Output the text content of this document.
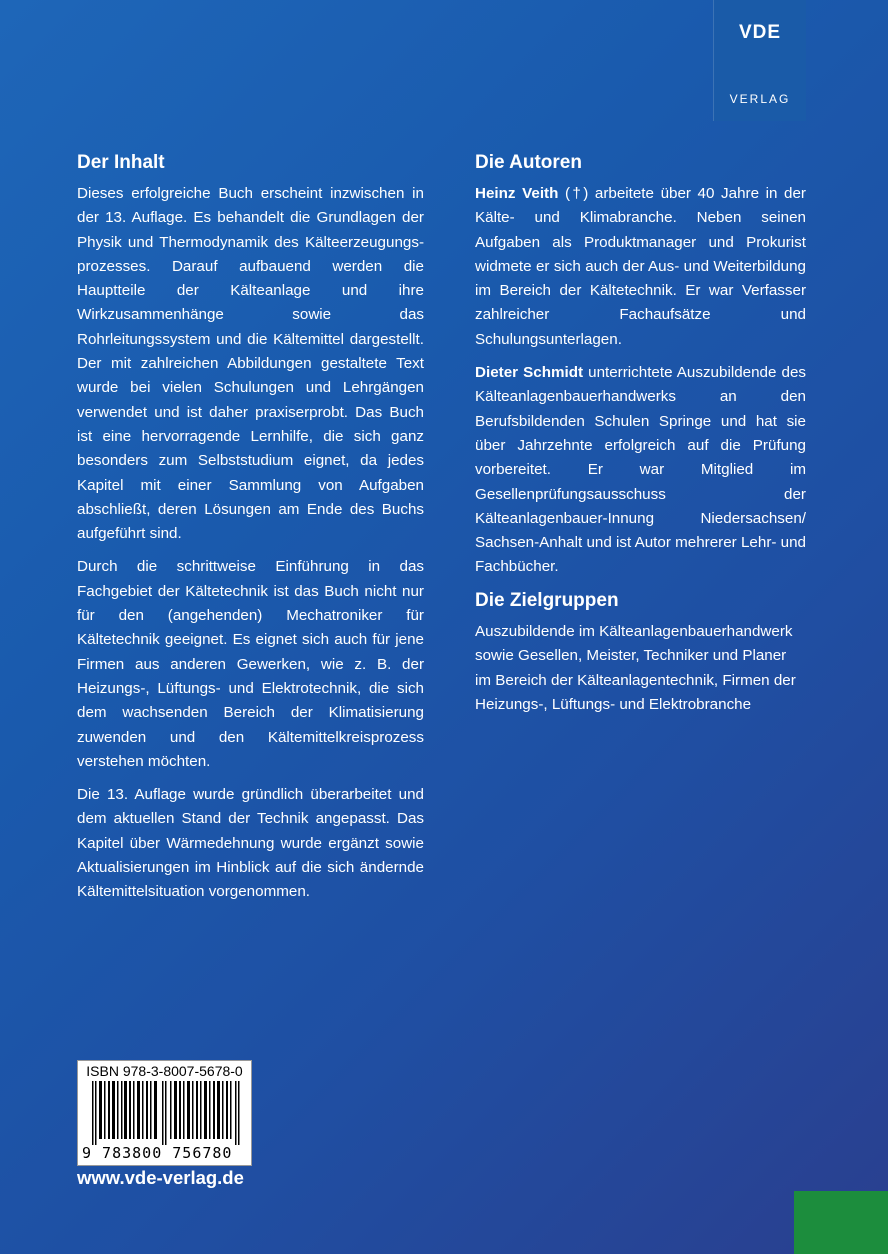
VDE
VERLAG
Der Inhalt

Dieses erfolgreiche Buch erscheint inzwischen in der 13. Auflage. Es behandelt die Grundlagen der Physik und Thermodynamik des Kälteerzeugungsprozesses. Darauf aufbauend werden die Hauptteile der Kälteanlage und ihre Wirkzusammenhänge sowie das Rohrleitungssystem und die Kältemittel dargestellt. Der mit zahlreichen Abbildungen gestaltete Text wurde bei vielen Schulungen und Lehrgängen verwendet und ist daher praxiserprobt. Das Buch ist eine hervorragende Lernhilfe, die sich ganz besonders zum Selbststudium eignet, da jedes Kapitel mit einer Sammlung von Aufgaben abschließt, deren Lösungen am Ende des Buchs aufgeführt sind.

Durch die schrittweise Einführung in das Fachgebiet der Kältetechnik ist das Buch nicht nur für den (angehenden) Mechatroniker für Kältetechnik geeignet. Es eignet sich auch für jene Firmen aus anderen Gewerken, wie z. B. der Heizungs-, Lüftungs- und Elektrotechnik, die sich dem wachsenden Bereich der Klimatisierung zuwenden und den Kältemittelkreisprozess verstehen möchten.

Die 13. Auflage wurde gründlich überarbeitet und dem aktuellen Stand der Technik angepasst. Das Kapitel über Wärmedehnung wurde ergänzt sowie Aktualisierungen im Hinblick auf die sich ändernde Kältemittelsituation vorgenommen.

Die Autoren

Heinz Veith (†) arbeitete über 40 Jahre in der Kälte- und Klimabranche. Neben seinen Aufgaben als Produktmanager und Prokurist widmete er sich auch der Aus- und Weiterbildung im Bereich der Kältetechnik. Er war Verfasser zahlreicher Fachaufsätze und Schulungsunterlagen.

Dieter Schmidt unterrichtete Auszubildende des Kälteanlagenbauerhandwerks an den Berufsbildenden Schulen Springe und hat sie über Jahrzehnte erfolgreich auf die Prüfung vorbereitet. Er war Mitglied im Gesellenprüfungsausschuss der Kälteanlagenbauer-Innung Niedersachsen/ Sachsen-Anhalt und ist Autor mehrerer Lehr- und Fachbücher.

Die Zielgruppen

Auszubildende im Kälteanlagenbauerhandwerk sowie Gesellen, Meister, Techniker und Planer im Bereich der Kälteanlagentechnik, Firmen der Heizungs-, Lüftungs- und Elektrobranche

ISBN 978-3-8007-5678-0
9 783800 756780
www.vde-verlag.de
